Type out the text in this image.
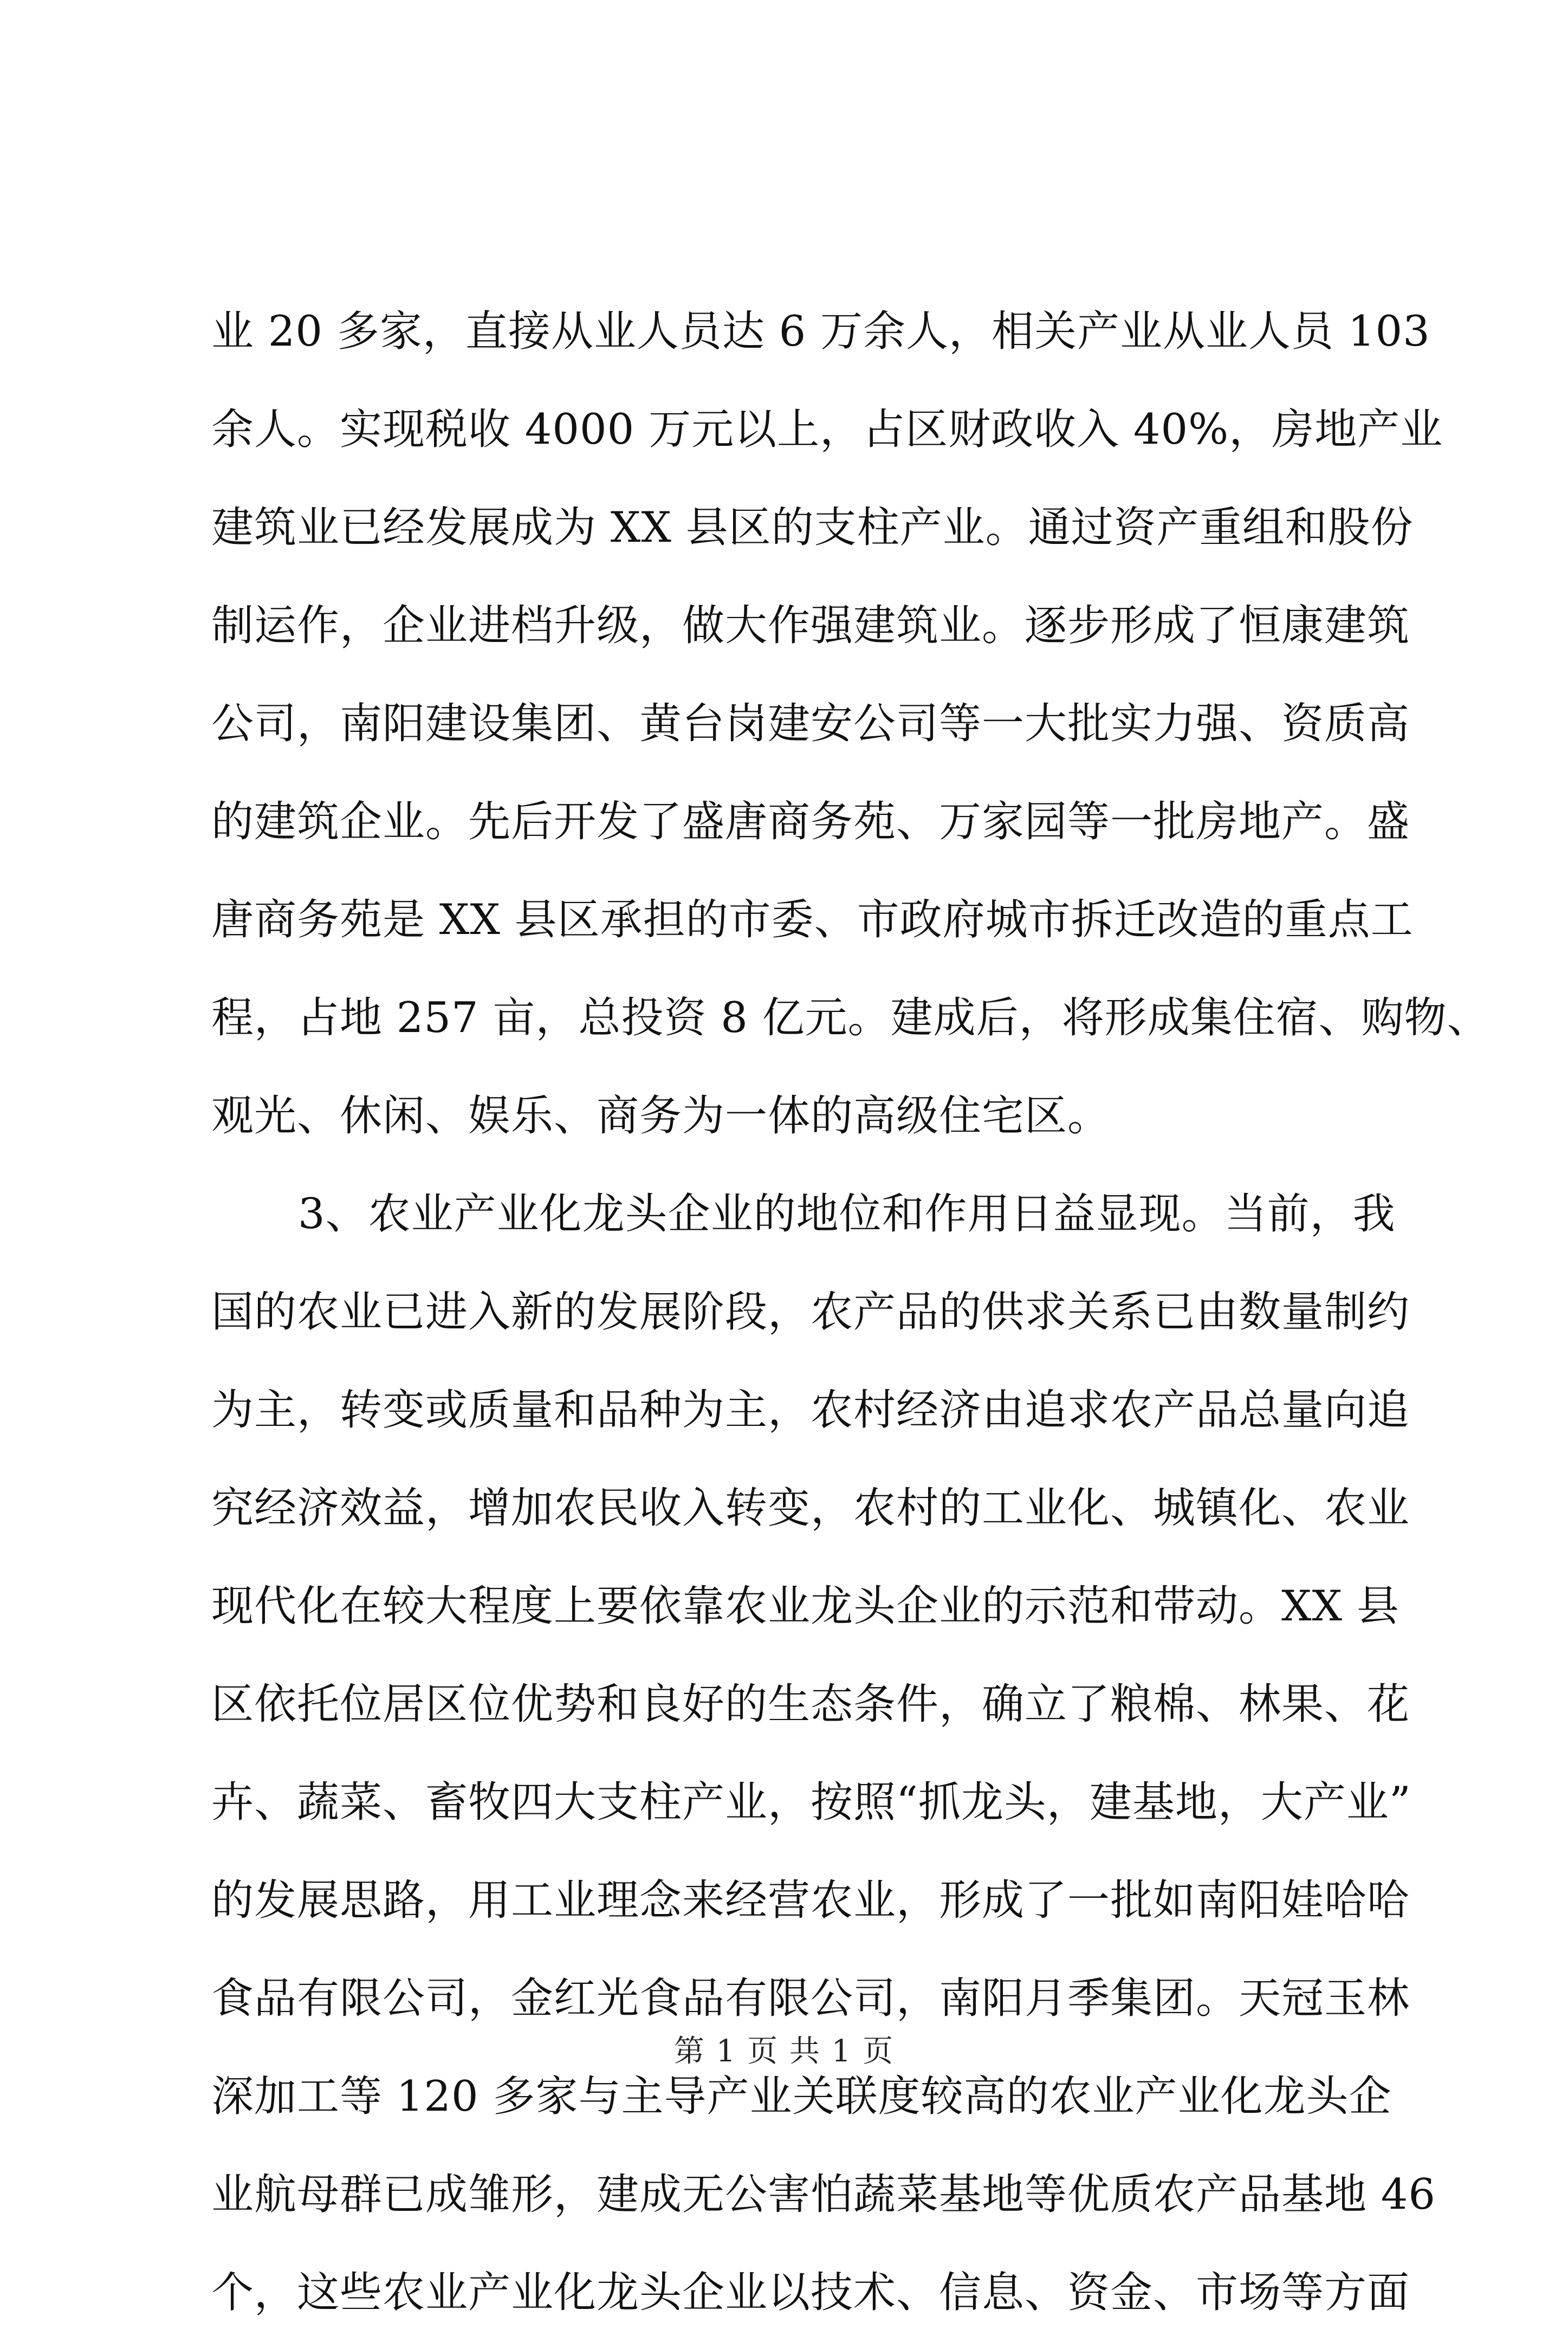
业 20 多家，直接从业人员达 6 万余人，相关产业从业人员 103
余人。实现税收 4000 万元以上，占区财政收入 40%，房地产业
建筑业已经发展成为 XX 县区的支柱产业。通过资产重组和股份
制运作，企业进档升级，做大作强建筑业。逐步形成了恒康建筑
公司，南阳建设集团、黄台岗建安公司等一大批实力强、资质高
的建筑企业。先后开发了盛唐商务苑、万家园等一批房地产。盛
唐商务苑是 XX 县区承担的市委、市政府城市拆迁改造的重点工
程，占地 257 亩，总投资 8 亿元。建成后，将形成集住宿、购物、
观光、休闲、娱乐、商务为一体的高级住宅区。
3、农业产业化龙头企业的地位和作用日益显现。当前，我
国的农业已进入新的发展阶段，农产品的供求关系已由数量制约
为主，转变或质量和品种为主，农村经济由追求农产品总量向追
究经济效益，增加农民收入转变，农村的工业化、城镇化、农业
现代化在较大程度上要依靠农业龙头企业的示范和带动。XX 县
区依托位居区位优势和良好的生态条件，确立了粮棉、林果、花
卉、蔬菜、畜牧四大支柱产业，按照“抓龙头，建基地，大产业”
的发展思路，用工业理念来经营农业，形成了一批如南阳娃哈哈
食品有限公司，金红光食品有限公司，南阳月季集团。天冠玉林
深加工等 120 多家与主导产业关联度较高的农业产业化龙头企
业航母群已成雏形，建成无公害怕蔬菜基地等优质农产品基地 46
个，这些农业产业化龙头企业以技术、信息、资金、市场等方面
第 1 页 共 1 页
